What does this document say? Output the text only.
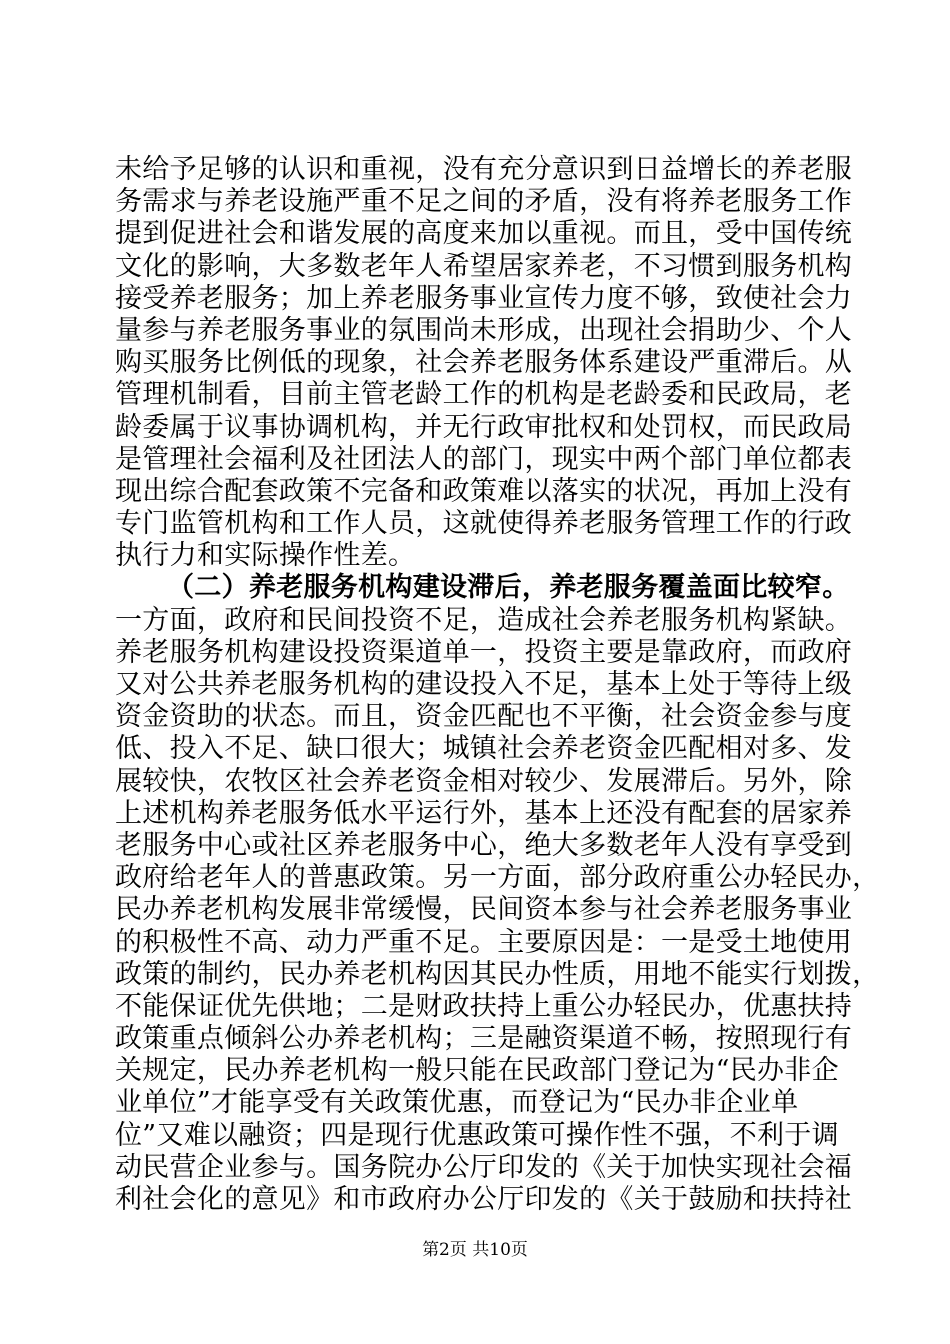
未给予足够的认识和重视，没有充分意识到日益增长的养老服
务需求与养老设施严重不足之间的矛盾，没有将养老服务工作
提到促进社会和谐发展的高度来加以重视。而且，受中国传统
文化的影响，大多数老年人希望居家养老，不习惯到服务机构
接受养老服务；加上养老服务事业宣传力度不够，致使社会力
量参与养老服务事业的氛围尚未形成，出现社会捐助少、个人
购买服务比例低的现象，社会养老服务体系建设严重滞后。从
管理机制看，目前主管老龄工作的机构是老龄委和民政局，老
龄委属于议事协调机构，并无行政审批权和处罚权，而民政局
是管理社会福利及社团法人的部门，现实中两个部门单位都表
现出综合配套政策不完备和政策难以落实的状况，再加上没有
专门监管机构和工作人员，这就使得养老服务管理工作的行政
执行力和实际操作性差。
（二）养老服务机构建设滞后，养老服务覆盖面比较窄。
一方面，政府和民间投资不足，造成社会养老服务机构紧缺。
养老服务机构建设投资渠道单一，投资主要是靠政府，而政府
又对公共养老服务机构的建设投入不足，基本上处于等待上级
资金资助的状态。而且，资金匹配也不平衡，社会资金参与度
低、投入不足、缺口很大；城镇社会养老资金匹配相对多、发
展较快，农牧区社会养老资金相对较少、发展滞后。另外，除
上述机构养老服务低水平运行外，基本上还没有配套的居家养
老服务中心或社区养老服务中心，绝大多数老年人没有享受到
政府给老年人的普惠政策。另一方面，部分政府重公办轻民办，
民办养老机构发展非常缓慢，民间资本参与社会养老服务事业
的积极性不高、动力严重不足。主要原因是：一是受土地使用
政策的制约，民办养老机构因其民办性质，用地不能实行划拨，
不能保证优先供地；二是财政扶持上重公办轻民办，优惠扶持
政策重点倾斜公办养老机构；三是融资渠道不畅，按照现行有
关规定，民办养老机构一般只能在民政部门登记为“民办非企
业单位”才能享受有关政策优惠，而登记为“民办非企业单
位”又难以融资；四是现行优惠政策可操作性不强，不利于调
动民营企业参与。国务院办公厅印发的《关于加快实现社会福
利社会化的意见》和市政府办公厅印发的《关于鼓励和扶持社
第2页 共10页
